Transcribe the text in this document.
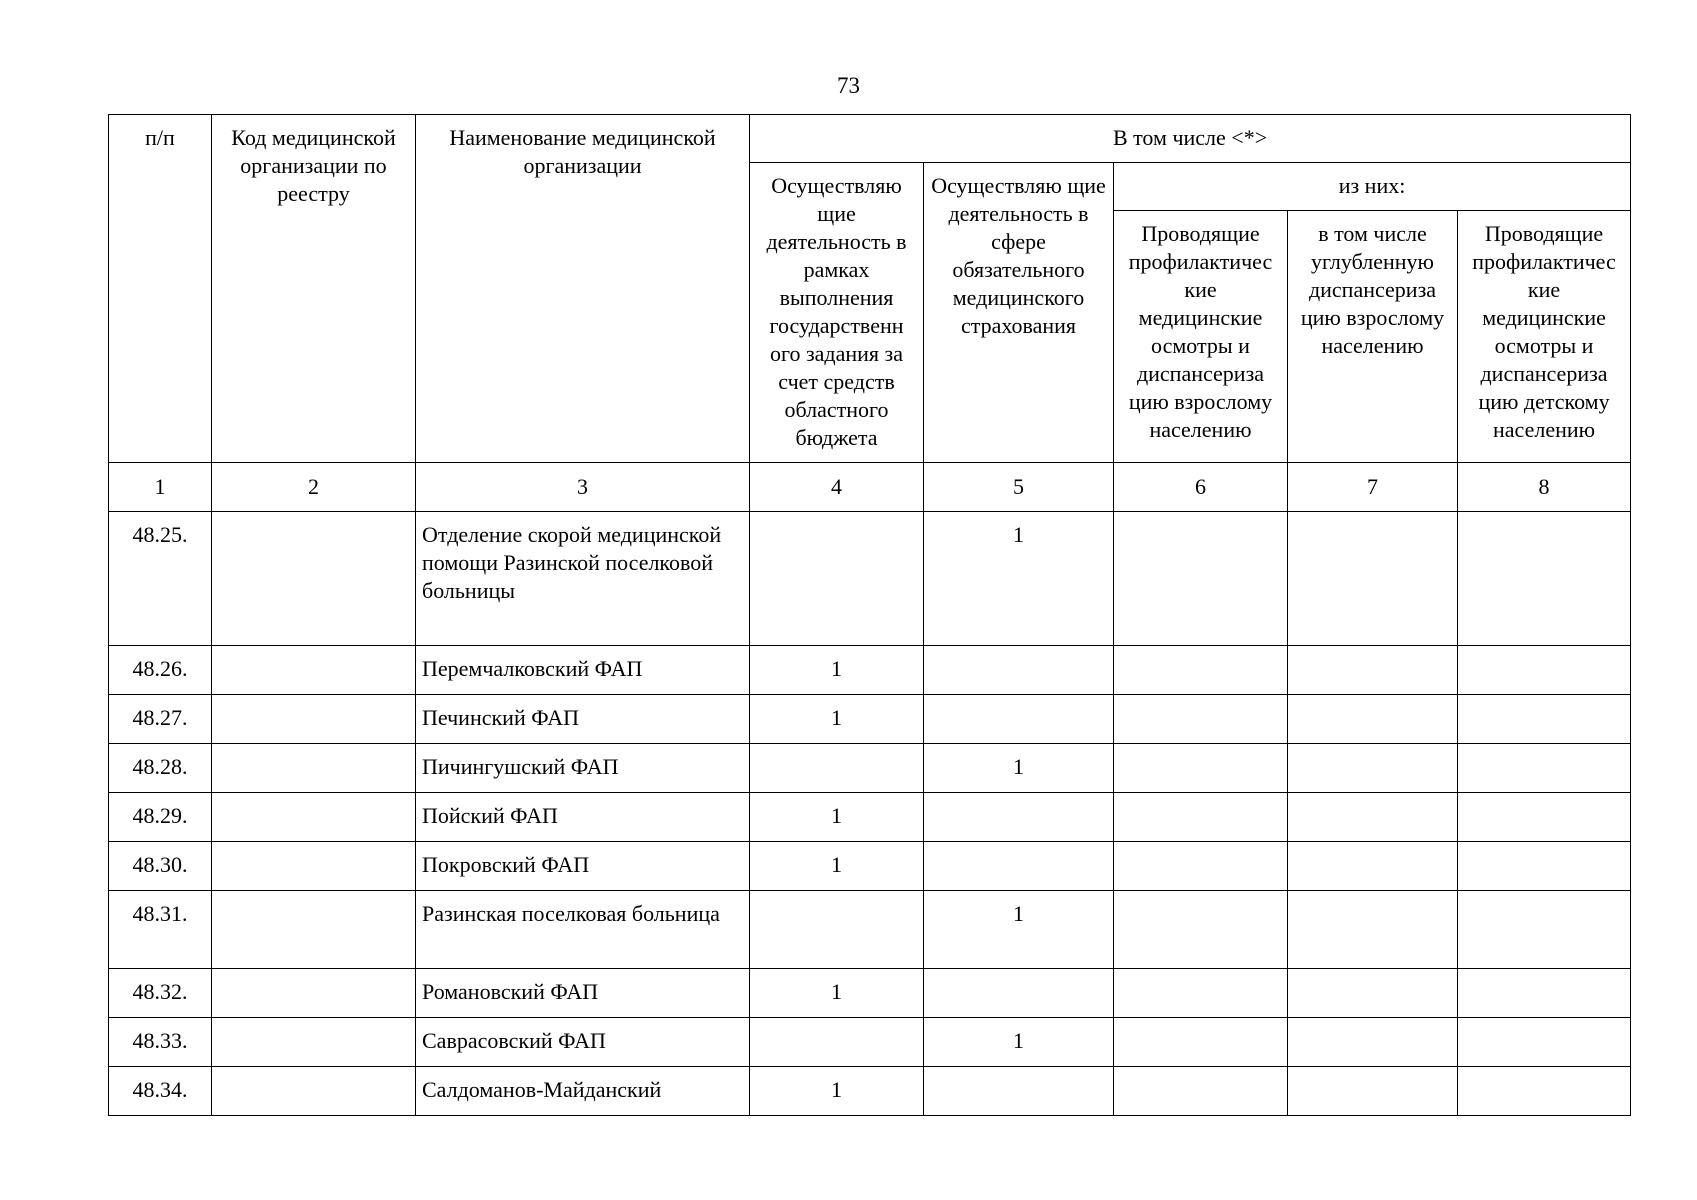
73
п/п	Код медицинской организации по реестру	Наименование медицинской организации	В том числе <*>				
			Осуществляю щие деятельность в рамках выполнения государственн ого задания за счет средств областного бюджета	Осуществляю щие деятельность в сфере обязательного медицинского страхования	из них:		
					Проводящие профилактичес кие медицинские осмотры и диспансериза цию взрослому населению	в том числе углубленную диспансериза цию взрослому населению	Проводящие профилактичес кие медицинские осмотры и диспансериза цию детскому населению
1	2	3	4	5	6	7	8
48.25.		Отделение скорой медицинской помощи Разинской поселковой больницы		1			
48.26.		Перемчалковский ФАП	1				
48.27.		Печинский ФАП	1				
48.28.		Пичингушский ФАП		1			
48.29.		Пойский ФАП	1				
48.30.		Покровский ФАП	1				
48.31.		Разинская поселковая больница		1			
48.32.		Романовский ФАП	1				
48.33.		Саврасовский ФАП		1			
48.34.		Салдоманов-Майданский	1				
